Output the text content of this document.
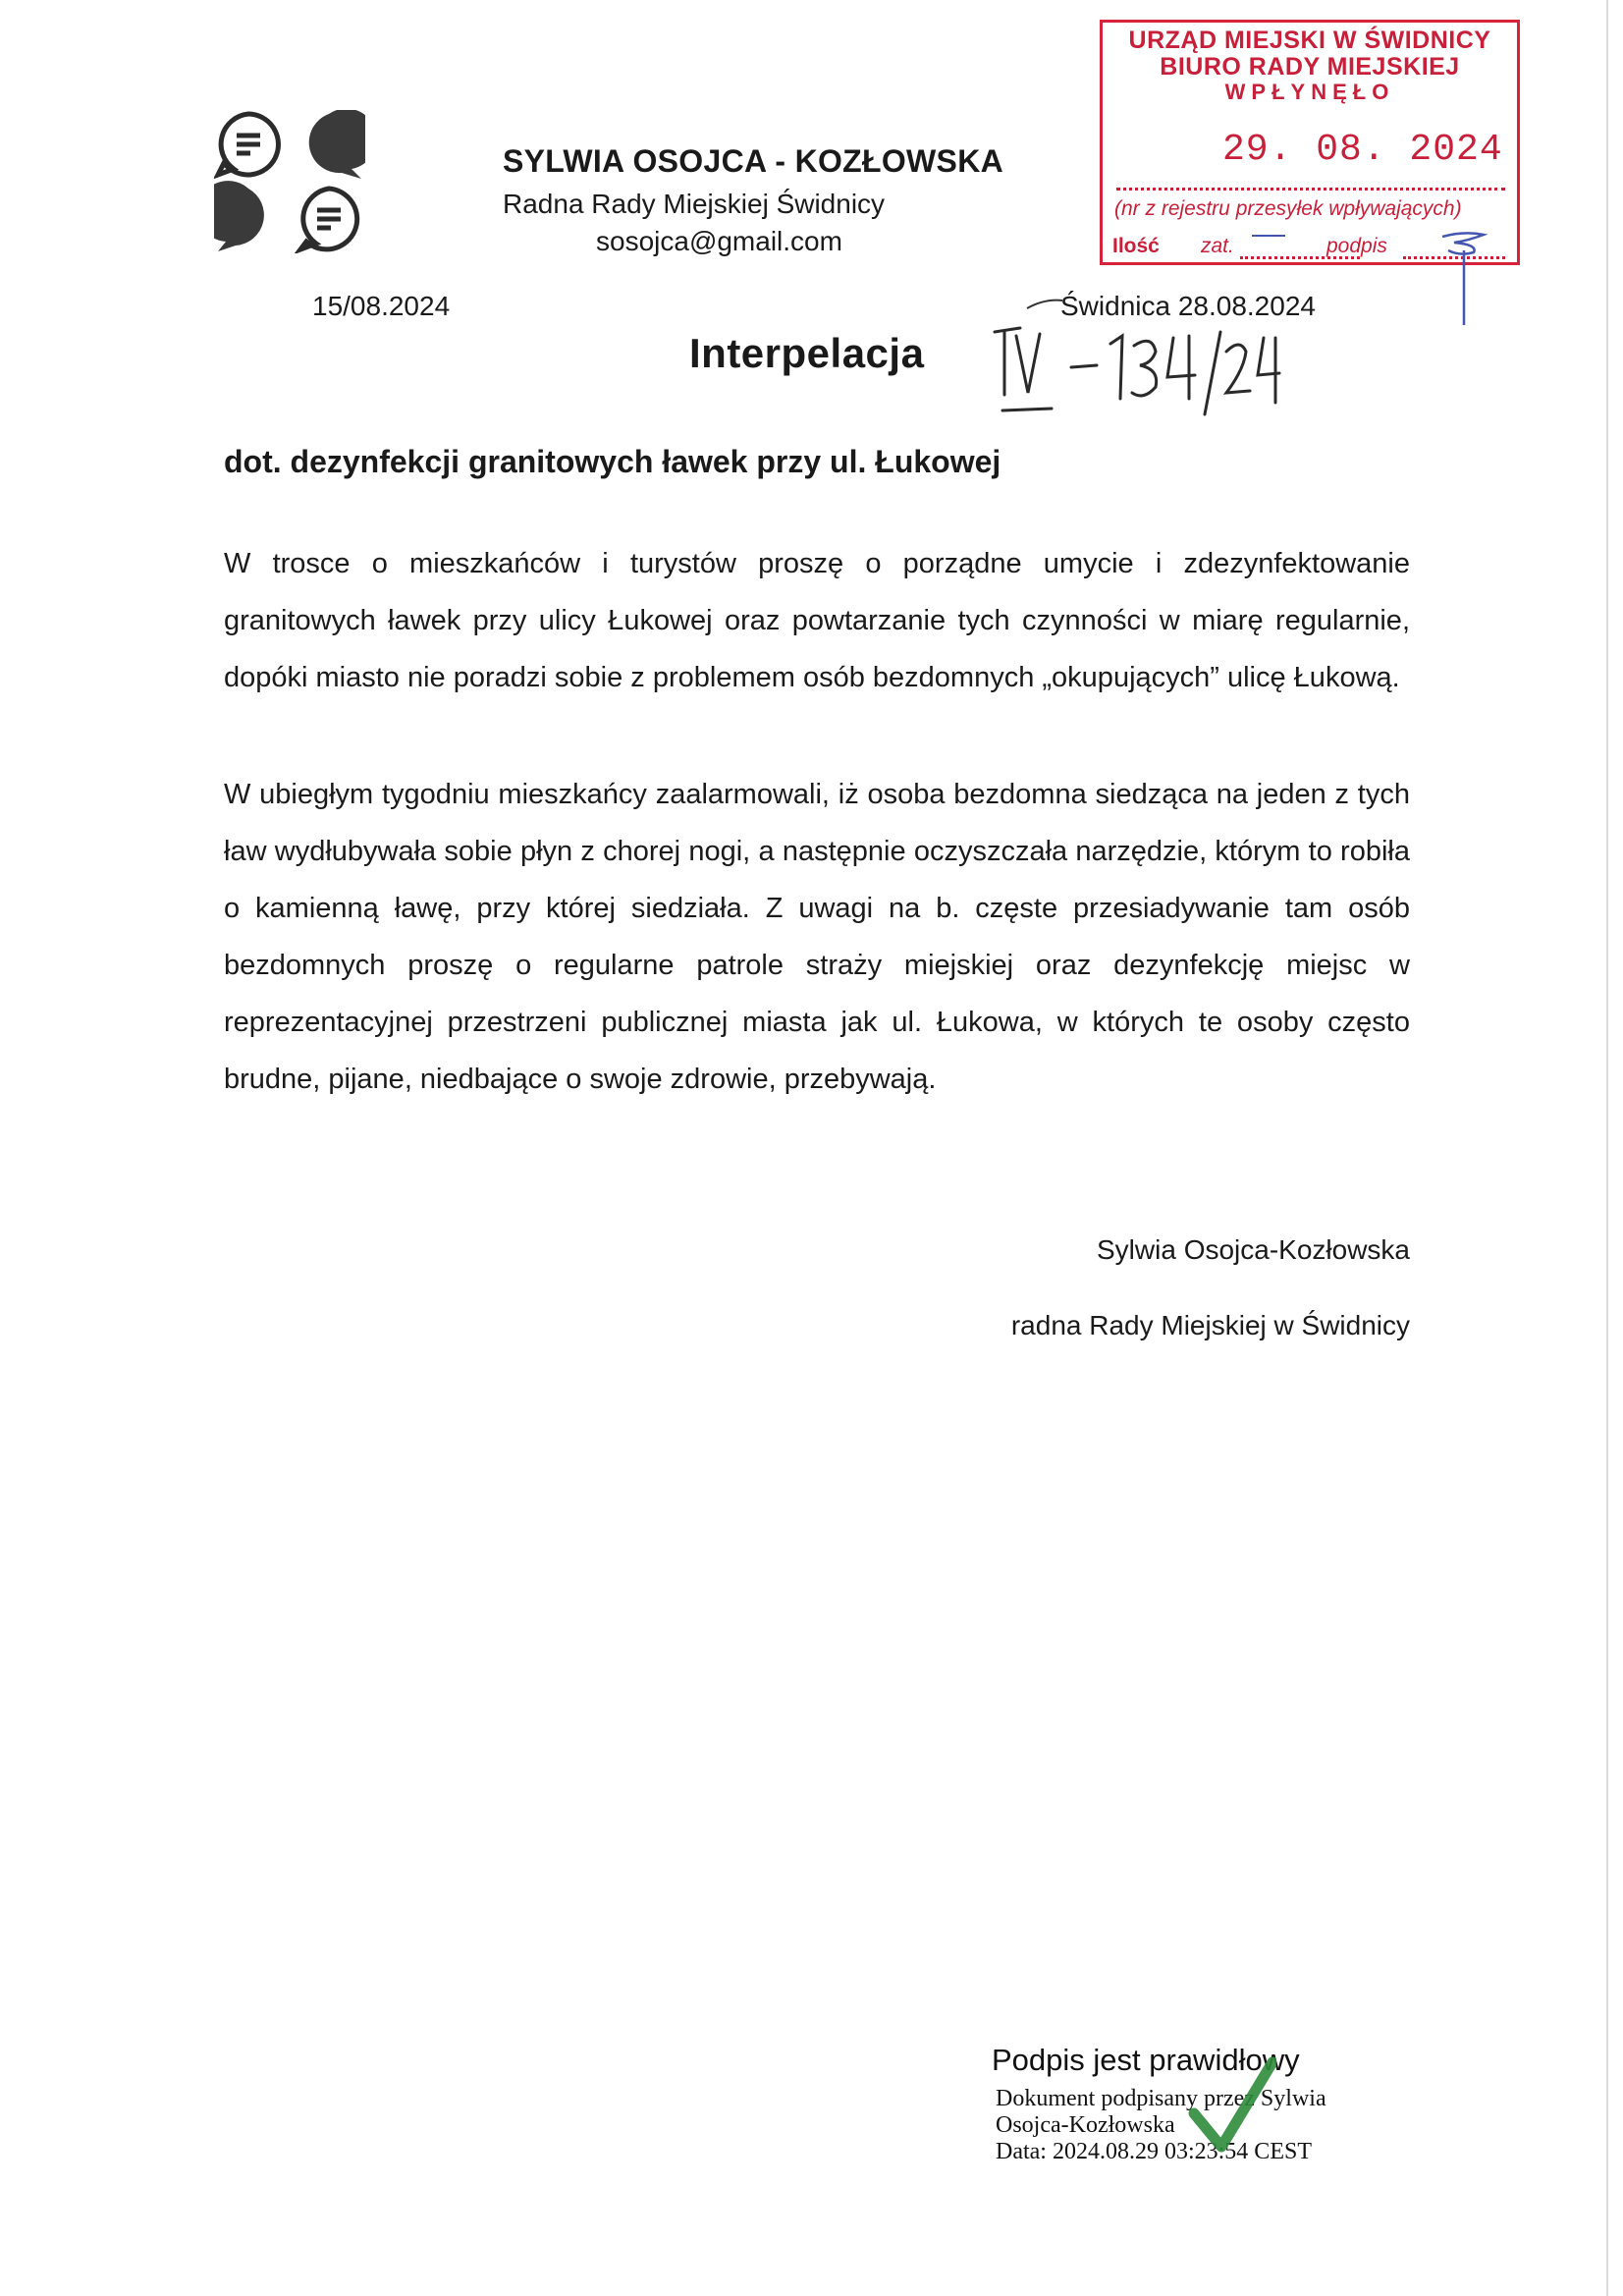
SYLWIA OSOJCA - KOZŁOWSKA
Radna Rady Miejskiej Świdnicy
sosojca@gmail.com
URZĄD MIEJSKI W ŚWIDNICY
BIURO RADY MIEJSKIEJ
WPŁYNĘŁO
29. 08. 2024
(nr z rejestru przesyłek wpływających)
Ilość zat.	podpis
15/08.2024	Świdnica 28.08.2024
Interpelacja
dot. dezynfekcji granitowych ławek przy ul. Łukowej

W trosce o mieszkańców i turystów proszę o porządne umycie i zdezynfektowanie granitowych ławek przy ulicy Łukowej oraz powtarzanie tych czynności w miarę regularnie, dopóki miasto nie poradzi sobie z problemem osób bezdomnych „okupujących” ulicę Łukową.

W ubiegłym tygodniu mieszkańcy zaalarmowali, iż osoba bezdomna siedząca na jeden z tych ław wydłubywała sobie płyn z chorej nogi, a następnie oczyszczała narzędzie, którym to robiła o kamienną ławę, przy której siedziała. Z uwagi na b. częste przesiadywanie tam osób bezdomnych proszę o regularne patrole straży miejskiej oraz dezynfekcję miejsc w reprezentacyjnej przestrzeni publicznej miasta jak ul. Łukowa, w których te osoby często brudne, pijane, niedbające o swoje zdrowie, przebywają.

Sylwia Osojca-Kozłowska
radna Rady Miejskiej w Świdnicy
Podpis jest prawidłowy
Dokument podpisany przez Sylwia
Osojca-Kozłowska
Data: 2024.08.29 03:23:54 CEST
